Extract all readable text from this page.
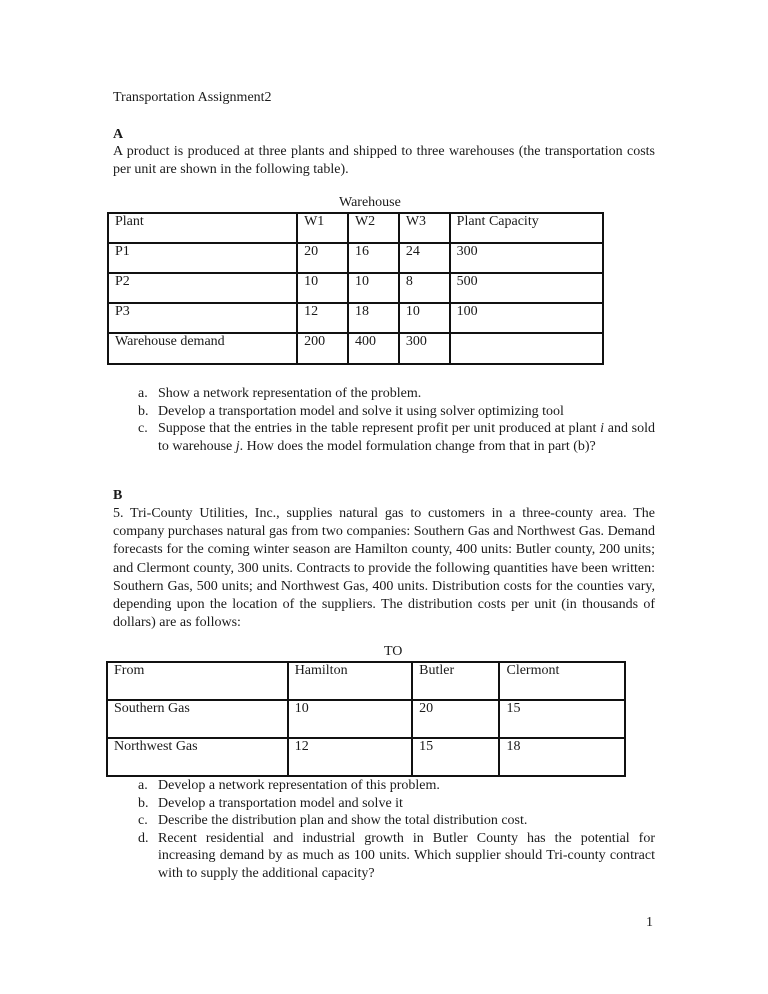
Transportation Assignment2
A
A product is produced at three plants and shipped to three warehouses (the transportation costs per unit are shown in the following table).
Warehouse
Plant	W1	W2	W3	Plant Capacity
P1	20	16	24	300
P2	10	10	8	500
P3	12	18	10	100
Warehouse demand	200	400	300	
a. Show a network representation of the problem.
b. Develop a transportation model and solve it using solver optimizing tool
c. Suppose that the entries in the table represent profit per unit produced at plant i and sold to warehouse j. How does the model formulation change from that in part (b)?
B
5. Tri-County Utilities, Inc., supplies natural gas to customers in a three-county area. The company purchases natural gas from two companies: Southern Gas and Northwest Gas. Demand forecasts for the coming winter season are Hamilton county, 400 units: Butler county, 200 units; and Clermont county, 300 units. Contracts to provide the following quantities have been written: Southern Gas, 500 units; and Northwest Gas, 400 units. Distribution costs for the counties vary, depending upon the location of the suppliers. The distribution costs per unit (in thousands of dollars) are as follows:
TO
From	Hamilton	Butler	Clermont
Southern Gas	10	20	15
Northwest Gas	12	15	18
a. Develop a network representation of this problem.
b. Develop a transportation model and solve it
c. Describe the distribution plan and show the total distribution cost.
d. Recent residential and industrial growth in Butler County has the potential for increasing demand by as much as 100 units. Which supplier should Tri-county contract with to supply the additional capacity?
1
